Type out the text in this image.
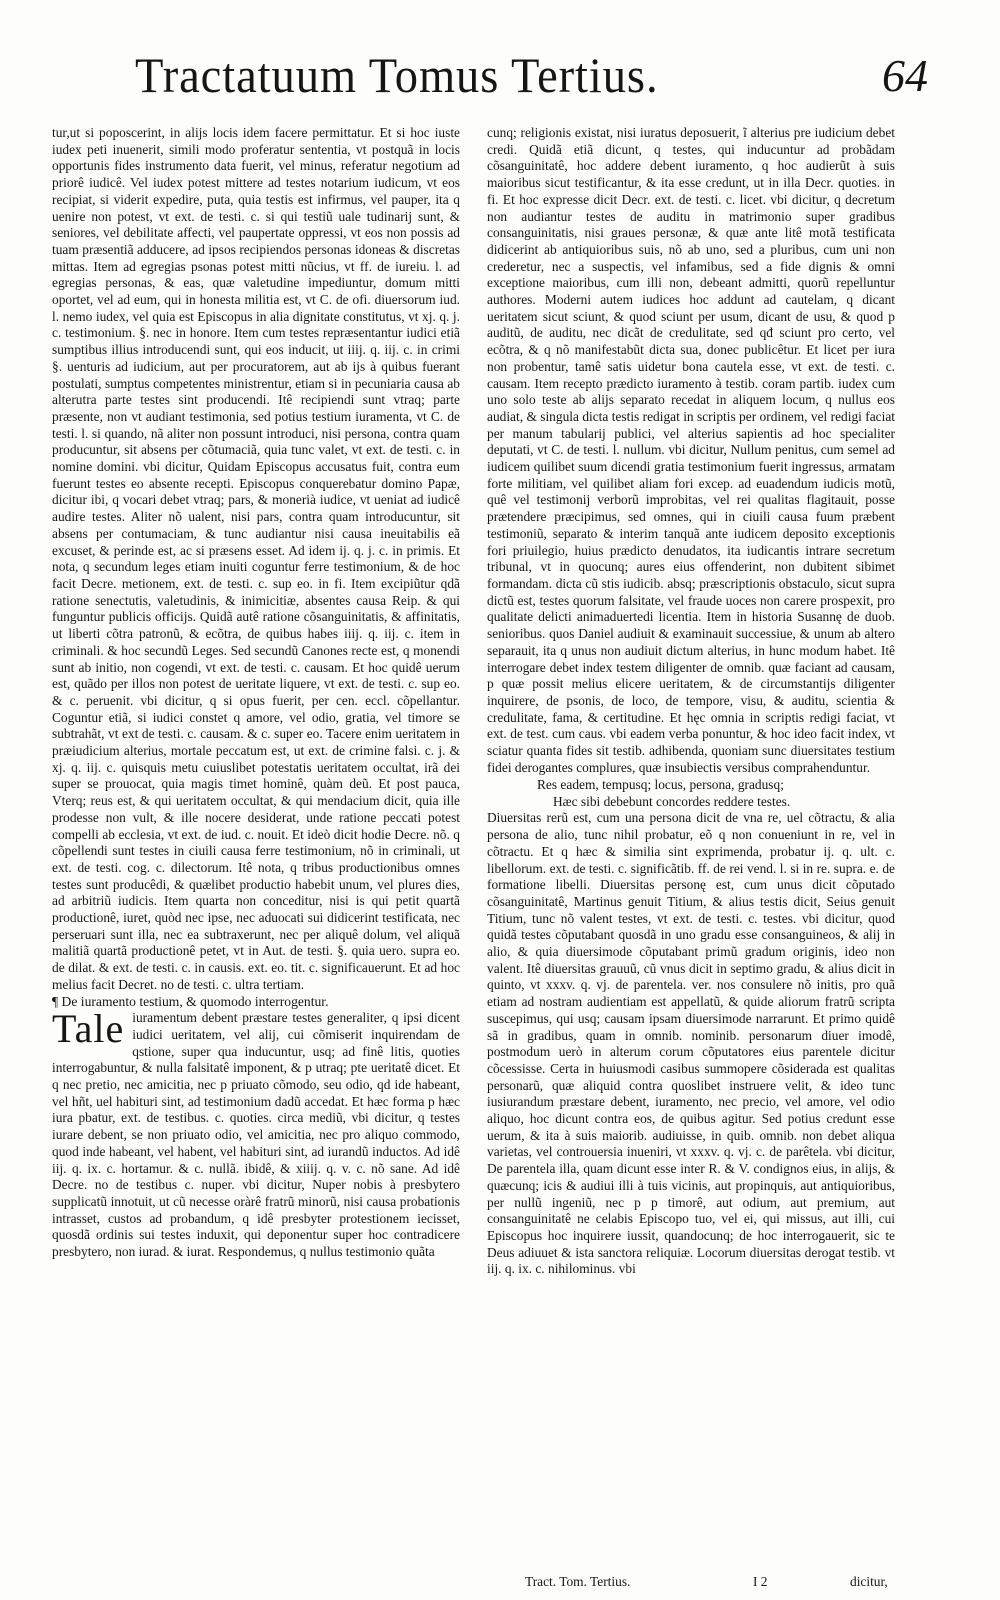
Tractatuum Tomus Tertius.	64

tur,ut si poposcerint, in alijs locis idem facere permittatur. Et si hoc iuste iudex peti inuenerit, simili modo proferatur sententia, vt postquã in locis opportunis fides instrumento data fuerit, vel minus, referatur negotium ad priorê iudicê. Vel iudex potest mittere ad testes notarium iudicum, vt eos recipiat, si viderit expedire, puta, quia testis est infirmus, vel pauper, ita q uenire non potest, vt ext. de testi. c. si qui testiũ uale tudinarij sunt, & seniores, vel debilitate affecti, vel paupertate oppressi, vt eos non possis ad tuam præsentiã adducere, ad ipsos recipiendos personas idoneas & discretas mittas. Item ad egregias psonas potest mitti nũcius, vt ff. de iureiu. l. ad egregias personas, & eas, quæ valetudine impediuntur, domum mitti oportet, vel ad eum, qui in honesta militia est, vt C. de ofi. diuersorum iud. l. nemo iudex, vel quia est Episcopus in alia dignitate constitutus, vt xj. q. j. c. testimonium. §. nec in honore. Item cum testes repræsentantur iudici etiã sumptibus illius introducendi sunt, qui eos inducit, ut iiij. q. iij. c. in crimi §. uenturis ad iudicium, aut per procuratorem, aut ab ijs à quibus fuerant postulati, sumptus competentes ministrentur, etiam si in pecuniaria causa ab alterutra parte testes sint producendi. Itê recipiendi sunt vtraq; parte præsente, non vt audiant testimonia, sed potius testium iuramenta, vt C. de testi. l. si quando, nã aliter non possunt introduci, nisi persona, contra quam producuntur, sit absens per cõtumaciã, quia tunc valet, vt ext. de testi. c. in nomine domini. vbi dicitur, Quidam Episcopus accusatus fuit, contra eum fuerunt testes eo absente recepti. Episcopus conquerebatur domino Papæ, dicitur ibi, q vocari debet vtraq; pars, & monerià iudice, vt ueniat ad iudicê audire testes. Aliter nõ ualent, nisi pars, contra quam introducuntur, sit absens per contumaciam, & tunc audiantur nisi causa ineuitabilis eã excuset, & perinde est, ac si præsens esset. Ad idem ij. q. j. c. in primis. Et nota, q secundum leges etiam inuiti coguntur ferre testimonium, & de hoc facit Decre. metionem, ext. de testi. c. sup eo. in fi. Item excipiũtur qdã ratione senectutis, valetudinis, & inimicitiæ, absentes causa Reip. & qui funguntur publicis officijs. Quidã autê ratione cõsanguinitatis, & affinitatis, ut liberti cõtra patronũ, & ecõtra, de quibus habes iiij. q. iij. c. item in criminali. & hoc secundũ Leges. Sed secundũ Canones recte est, q monendi sunt ab initio, non cogendi, vt ext. de testi. c. causam. Et hoc quidê uerum est, quãdo per illos non potest de ueritate liquere, vt ext. de testi. c. sup eo. & c. peruenit. vbi dicitur, q si opus fuerit, per cen. eccl. cõpellantur. Coguntur etiã, si iudici constet q amore, vel odio, gratia, vel timore se subtrahãt, vt ext de testi. c. causam. & c. super eo. Tacere enim ueritatem in præiudicium alterius, mortale peccatum est, ut ext. de crimine falsi. c. j. & xj. q. iij. c. quisquis metu cuiuslibet potestatis ueritatem occultat, irã dei super se prouocat, quia magis timet hominê, quàm deũ. Et post pauca, Vterq; reus est, & qui ueritatem occultat, & qui mendacium dicit, quia ille prodesse non vult, & ille nocere desiderat, unde ratione peccati potest compelli ab ecclesia, vt ext. de iud. c. nouit. Et ideò dicit hodie Decre. nõ. q cõpellendi sunt testes in ciuili causa ferre testimonium, nõ in criminali, ut ext. de testi. cog. c. dilectorum. Itê nota, q tribus productionibus omnes testes sunt producêdi, & quælibet productio habebit unum, vel plures dies, ad arbitriũ iudicis. Item quarta non conceditur, nisi is qui petit quartã productionê, iuret, quòd nec ipse, nec aduocati sui didicerint testificata, nec perseruari sunt illa, nec ea subtraxerunt, nec per aliquê dolum, vel aliquã malitiã quartã productionê petet, vt in Aut. de testi. §. quia uero. supra eo. de dilat. & ext. de testi. c. in causis. ext. eo. tit. c. significauerunt. Et ad hoc melius facit Decret. no de testi. c. ultra tertiam.

¶ De iuramento testium, & quomodo interrogentur.

Tale iuramentum debent præstare testes generaliter, q ipsi dicent iudici ueritatem, vel alij, cui cõmiserit inquirendam de qstione, super qua inducuntur, usq; ad finê litis, quoties interrogabuntur, & nulla falsitatê imponent, & p utraq; pte ueritatê dicet. Et q nec pretio, nec amicitia, nec p priuato cõmodo, seu odio, qd ide habeant, vel hñt, uel habituri sint, ad testimonium dadũ accedat. Et hæc forma p hæc iura pbatur, ext. de testibus. c. quoties. circa mediũ, vbi dicitur, q testes iurare debent, se non priuato odio, vel amicitia, nec pro aliquo commodo, quod inde habeant, vel habent, vel habituri sint, ad iurandũ inductos. Ad idê iij. q. ix. c. hortamur. & c. nullã. ibidê, & xiiij. q. v. c. nõ sane. Ad idê Decre. no de testibus c. nuper. vbi dicitur, Nuper nobis à presbytero supplicatũ innotuit, ut cũ necesse oràrê fratrũ minorũ, nisi causa probationis intrasset, custos ad probandum, q idê presbyter protestionem iecisset, quosdã ordinis sui testes induxit, qui deponentur super hoc contradicere presbytero, non iurad. & iurat. Respondemus, q nullus testimonio quãta

cunq; religionis existat, nisi iuratus deposuerit, ĩ alterius pre iudicium debet credi. Quidã etiã dicunt, q testes, qui inducuntur ad probãdam cõsanguinitatê, hoc addere debent iuramento, q hoc audierũt à suis maioribus sicut testificantur, & ita esse credunt, ut in illa Decr. quoties. in fi. Et hoc expresse dicit Decr. ext. de testi. c. licet. vbi dicitur, q decretum non audiantur testes de auditu in matrimonio super gradibus consanguinitatis, nisi graues personæ, & quæ ante litê motã testificata didicerint ab antiquioribus suis, nõ ab uno, sed a pluribus, cum uni non crederetur, nec a suspectis, vel infamibus, sed a fide dignis & omni exceptione maioribus, cum illi non, debeant admitti, quorũ repelluntur authores. Moderni autem iudices hoc addunt ad cautelam, q dicant ueritatem sicut sciunt, & quod sciunt per usum, dicant de usu, & quod p auditũ, de auditu, nec dicãt de credulitate, sed qđ sciunt pro certo, vel ecõtra, & q nõ manifestabũt dicta sua, donec publicêtur. Et licet per iura non probentur, tamê satis uidetur bona cautela esse, vt ext. de testi. c. causam. Item recepto prædicto iuramento à testib. coram partib. iudex cum uno solo teste ab alijs separato recedat in aliquem locum, q nullus eos audiat, & singula dicta testis redigat in scriptis per ordinem, vel redigi faciat per manum tabularij publici, vel alterius sapientis ad hoc specialiter deputati, vt C. de testi. l. nullum. vbi dicitur, Nullum penitus, cum semel ad iudicem quilibet suum dicendi gratia testimonium fuerit ingressus, armatam forte militiam, vel quilibet aliam fori excep. ad euadendum iudicis motũ, quê vel testimonij verborũ improbitas, vel rei qualitas flagitauit, posse prætendere præcipimus, sed omnes, qui in ciuili causa fuum præbent testimoniũ, separato & interim tanquã ante iudicem deposito exceptionis fori priuilegio, huius prædicto denudatos, ita iudicantis intrare secretum tribunal, vt in quocunq; aures eius offenderint, non dubitent sibimet formandam. dicta cũ stis iudicib. absq; præscriptionis obstaculo, sicut supra dictũ est, testes quorum falsitate, vel fraude uoces non carere prospexit, pro qualitate delicti animaduertedi licentia. Item in historia Susannę de duob. senioribus. quos Daniel audiuit & examinauit successiue, & unum ab altero separauit, ita q unus non audiuit dictum alterius, in hunc modum habet. Itê interrogare debet index testem diligenter de omnib. quæ faciant ad causam, p quæ possit melius elicere ueritatem, & de circumstantijs diligenter inquirere, de psonis, de loco, de tempore, visu, & auditu, scientia & credulitate, fama, & certitudine. Et hęc omnia in scriptis redigi faciat, vt ext. de test. cum caus. vbi eadem verba ponuntur, & hoc ideo facit index, vt sciatur quanta fides sit testib. adhibenda, quoniam sunc diuersitates testium fidei derogantes complures, quæ insubiectis versibus comprahenduntur.

Res eadem, tempusq; locus, persona, gradusq;

Hæc sibi debebunt concordes reddere testes.

Diuersitas rerũ est, cum una persona dicit de vna re, uel cõtractu, & alia persona de alio, tunc nihil probatur, eõ q non conueniunt in re, vel in cõtractu. Et q hæc & similia sint exprimenda, probatur ij. q. ult. c. libellorum. ext. de testi. c. significãtib. ff. de rei vend. l. si in re. supra. e. de formatione libelli. Diuersitas personę est, cum unus dicit cõputado cõsanguinitatê, Martinus genuit Titium, & alius testis dicit, Seius genuit Titium, tunc nõ valent testes, vt ext. de testi. c. testes. vbi dicitur, quod quidã testes cõputabant quosdã in uno gradu esse consanguineos, & alij in alio, & quia diuersimode cõputabant primũ gradum originis, ideo non valent. Itê diuersitas grauuũ, cũ vnus dicit in septimo gradu, & alius dicit in quinto, vt xxxv. q. vj. de parentela. ver. nos consulere nõ initis, pro quã etiam ad nostram audientiam est appellatũ, & quide aliorum fratrũ scripta suscepimus, qui usq; causam ipsam diuersimode narrarunt. Et primo quidê sã in gradibus, quam in omnib. nominib. personarum diuer imodê, postmodum uerò in alterum corum cõputatores eius parentele dicitur cõcessisse. Certa in huiusmodi casibus summopere cõsiderada est qualitas personarũ, quæ aliquid contra quoslibet instruere velit, & ideo tunc iusiurandum præstare debent, iuramento, nec precio, vel amore, vel odio aliquo, hoc dicunt contra eos, de quibus agitur. Sed potius credunt esse uerum, & ita à suis maiorib. audiuisse, in quib. omnib. non debet aliqua varietas, vel controuersia inueniri, vt xxxv. q. vj. c. de parêtela. vbi dicitur, De parentela illa, quam dicunt esse inter R. & V. condignos eius, in alijs, & quæcunq; icis & audiui illi à tuis vicinis, aut propinquis, aut antiquioribus, per nullũ ingeniũ, nec p p timorê, aut odium, aut premium, aut consanguinitatê ne celabis Episcopo tuo, vel ei, qui missus, aut illi, cui Episcopus hoc inquirere iussit, quandocunq; de hoc interrogauerit, sic te Deus adiuuet & ista sanctora reliquiæ. Locorum diuersitas derogat testib. vt iij. q. ix. c. nihilominus. vbi

Tract. Tom. Tertius.	I 2	dicitur,
